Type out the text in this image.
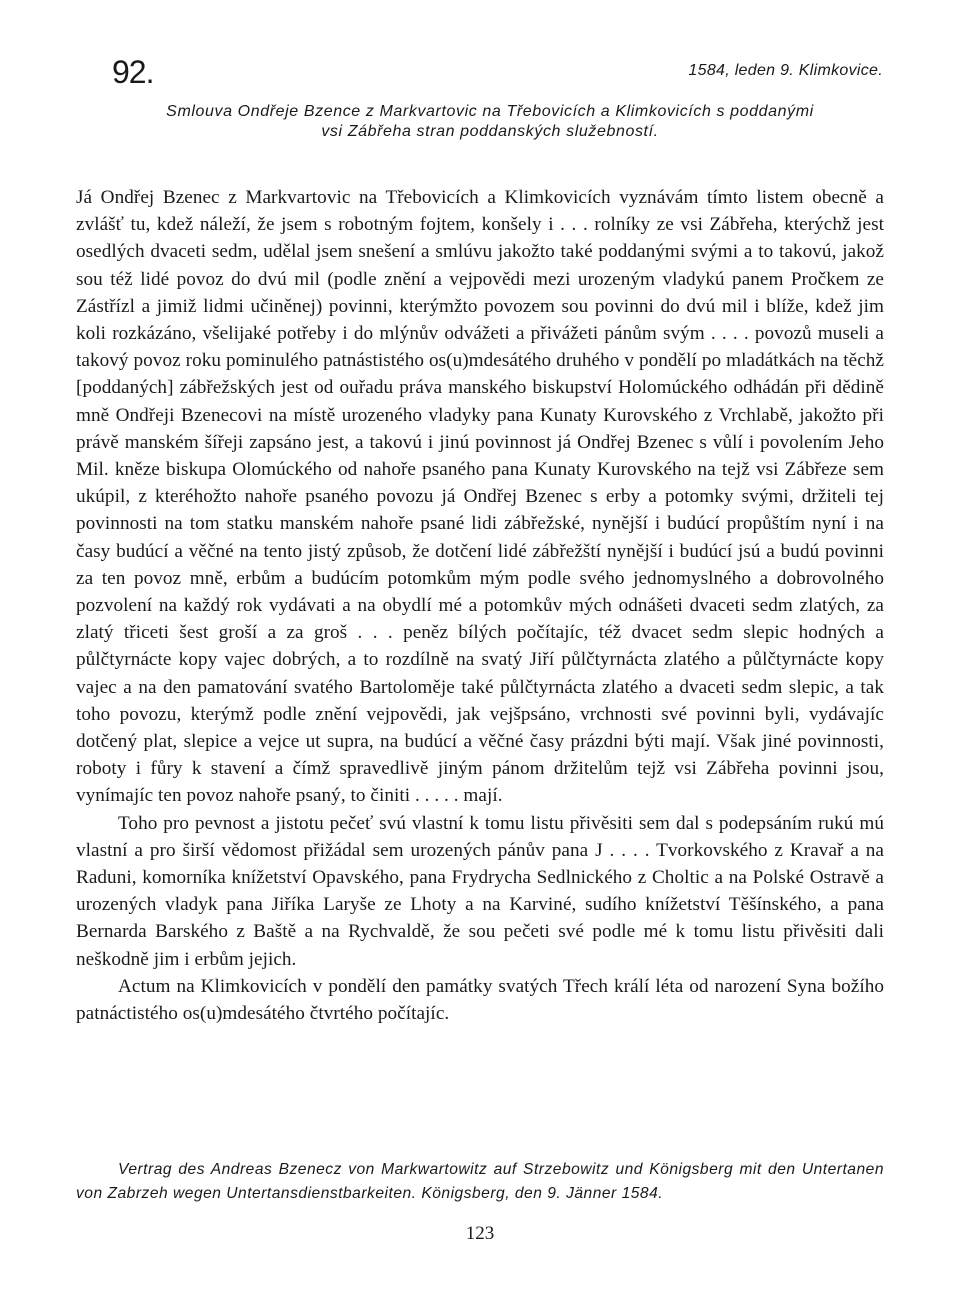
92.	1584, leden 9. Klimkovice.
Smlouva Ondřeje Bzence z Markvartovic na Třebovicích a Klimkovicích s poddanými vsi Zábřeha stran poddanských služebností.

Já Ondřej Bzenec z Markvartovic na Třebovicích a Klimkovicích vyznávám tímto listem obecně a zvlášť tu, kdež náleží, že jsem s robotným fojtem, konšely i . . . rolníky ze vsi Zábřeha, kterýchž jest osedlých dvaceti sedm, udělal jsem snešení a smlúvu jakožto také poddanými svými a to takovú, jakož sou též lidé povoz do dvú mil (podle znění a vejpovědi mezi urozeným vladykú panem Pročkem ze Zástřízl a jimiž lidmi učiněnej) povinni, kterýmžto povozem sou povinni do dvú mil i blíže, kdež jim koli rozkázáno, všelijaké potřeby i do mlýnův odvážeti a přivážeti pánům svým . . . . povozů museli a takový povoz roku pominulého patnástistého os(u)mdesátého druhého v pondělí po mladátkách na těchž [poddaných] zábřežských jest od ouřadu práva manského biskupství Holomúckého odhádán při dědině mně Ondřeji Bzenecovi na místě urozeného vladyky pana Kunaty Kurovského z Vrchlabě, jakožto při právě manském šířeji zapsáno jest, a takovú i jinú povinnost já Ondřej Bzenec s vůlí i povolením Jeho Mil. kněze biskupa Olomúckého od nahoře psaného pana Kunaty Kurovského na tejž vsi Zábřeze sem ukúpil, z kteréhožto nahoře psaného povozu já Ondřej Bzenec s erby a potomky svými, držiteli tej povinnosti na tom statku manském nahoře psané lidi zábřežské, nynější i budúcí propůštím nyní i na časy budúcí a věčné na tento jistý způsob, že dotčení lidé zábřežští nynější i budúcí jsú a budú povinni za ten povoz mně, erbům a budúcím potomkům mým podle svého jednomyslného a dobrovolného pozvolení na každý rok vydávati a na obydlí mé a potomkův mých odnášeti dvaceti sedm zlatých, za zlatý třiceti šest groší a za groš . . . peněz bílých počítajíc, též dvacet sedm slepic hodných a půlčtyrnácte kopy vajec dobrých, a to rozdílně na svatý Jiří půlčtyrnácta zlatého a půlčtyrnácte kopy vajec a na den pamatování svatého Bartoloměje také půlčtyrnácta zlatého a dvaceti sedm slepic, a tak toho povozu, kterýmž podle znění vejpovědi, jak vejšpsáno, vrchnosti své povinni byli, vydávajíc dotčený plat, slepice a vejce ut supra, na budúcí a věčné časy prázdni býti mají. Však jiné povinnosti, roboty i fůry k stavení a čímž spravedlivě jiným pánom držitelům tejž vsi Zábřeha povinni jsou, vynímajíc ten povoz nahoře psaný, to činiti . . . . . mají.

Toho pro pevnost a jistotu pečeť svú vlastní k tomu listu přivěsiti sem dal s podepsáním rukú mú vlastní a pro širší vědomost přižádal sem urozených pánův pana J . . . . Tvorkovského z Kravař a na Raduni, komorníka knížetství Opavského, pana Frydrycha Sedlnického z Choltic a na Polské Ostravě a urozených vladyk pana Jiříka Laryše ze Lhoty a na Karviné, sudího knížetství Těšínského, a pana Bernarda Barského z Baště a na Rychvaldě, že sou pečeti své podle mé k tomu listu přivěsiti dali neškodně jim i erbům jejich.

Actum na Klimkovicích v pondělí den památky svatých Třech králí léta od narození Syna božího patnáctistého os(u)mdesátého čtvrtého počítajíc.

Vertrag des Andreas Bzenecz von Markwartowitz auf Strzebowitz und Königsberg mit den Untertanen von Zabrzeh wegen Untertansdienstbarkeiten. Königsberg, den 9. Jänner 1584.
123
